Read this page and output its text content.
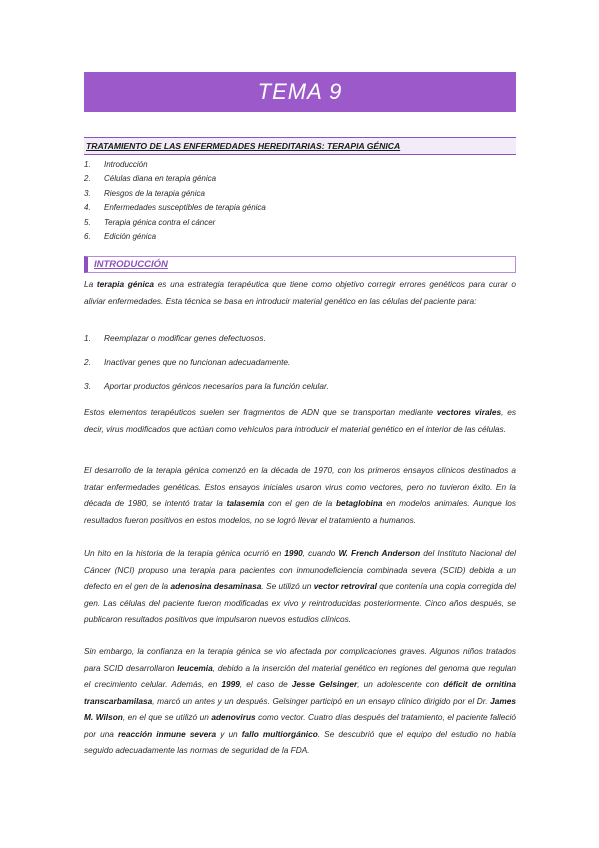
TEMA 9
TRATAMIENTO DE LAS ENFERMEDADES HEREDITARIAS: TERAPIA GÉNICA
1. Introducción
2. Células diana en terapia génica
3. Riesgos de la terapia génica
4. Enfermedades susceptibles de terapia génica
5. Terapia génica contra el cáncer
6. Edición génica
INTRODUCCIÓN
La terapia génica es una estrategia terapéutica que tiene como objetivo corregir errores genéticos para curar o aliviar enfermedades. Esta técnica se basa en introducir material genético en las células del paciente para:
1. Reemplazar o modificar genes defectuosos.
2. Inactivar genes que no funcionan adecuadamente.
3. Aportar productos génicos necesarios para la función celular.
Estos elementos terapéuticos suelen ser fragmentos de ADN que se transportan mediante vectores virales, es decir, virus modificados que actúan como vehículos para introducir el material genético en el interior de las células.
El desarrollo de la terapia génica comenzó en la década de 1970, con los primeros ensayos clínicos destinados a tratar enfermedades genéticas. Estos ensayos iniciales usaron virus como vectores, pero no tuvieron éxito. En la década de 1980, se intentó tratar la talasemia con el gen de la betaglobina en modelos animales. Aunque los resultados fueron positivos en estos modelos, no se logró llevar el tratamiento a humanos.
Un hito en la historia de la terapia génica ocurrió en 1990, cuando W. French Anderson del Instituto Nacional del Cáncer (NCI) propuso una terapia para pacientes con inmunodeficiencia combinada severa (SCID) debida a un defecto en el gen de la adenosina desaminasa. Se utilizó un vector retroviral que contenía una copia corregida del gen. Las células del paciente fueron modificadas ex vivo y reintroducidas posteriormente. Cinco años después, se publicaron resultados positivos que impulsaron nuevos estudios clínicos.
Sin embargo, la confianza en la terapia génica se vio afectada por complicaciones graves. Algunos niños tratados para SCID desarrollaron leucemia, debido a la inserción del material genético en regiones del genoma que regulan el crecimiento celular. Además, en 1999, el caso de Jesse Gelsinger, un adolescente con déficit de ornitina transcarbamilasa, marcó un antes y un después. Gelsinger participó en un ensayo clínico dirigido por el Dr. James M. Wilson, en el que se utilizó un adenovirus como vector. Cuatro días después del tratamiento, el paciente falleció por una reacción inmune severa y un fallo multiorgánico. Se descubrió que el equipo del estudio no había seguido adecuadamente las normas de seguridad de la FDA.
